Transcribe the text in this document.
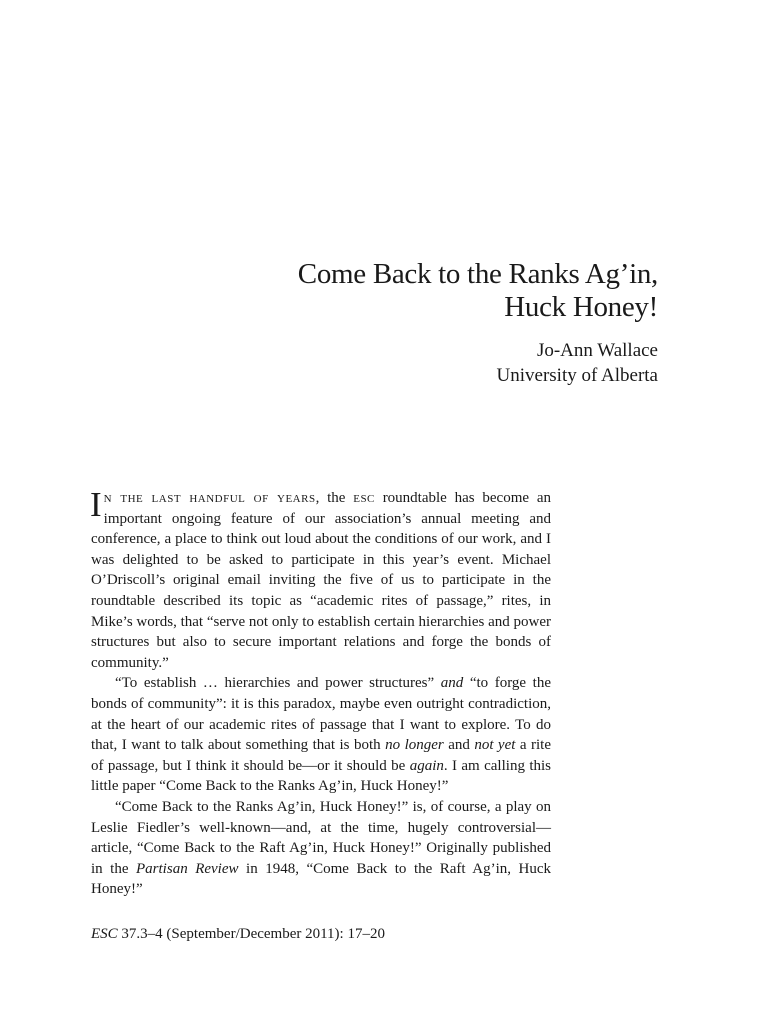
Come Back to the Ranks Ag’in,
Huck Honey!
Jo-Ann Wallace
University of Alberta

In the last handful of years, the esc roundtable has become an important ongoing feature of our association’s annual meeting and conference, a place to think out loud about the conditions of our work, and I was delighted to be asked to participate in this year’s event. Michael O’Driscoll’s original email inviting the five of us to participate in the roundtable described its topic as “academic rites of passage,” rites, in Mike’s words, that “serve not only to establish certain hierarchies and power structures but also to secure important relations and forge the bonds of community.”

“To establish … hierarchies and power structures” and “to forge the bonds of community”: it is this paradox, maybe even outright contradiction, at the heart of our academic rites of passage that I want to explore. To do that, I want to talk about something that is both no longer and not yet a rite of passage, but I think it should be—or it should be again. I am calling this little paper “Come Back to the Ranks Ag’in, Huck Honey!”

“Come Back to the Ranks Ag’in, Huck Honey!” is, of course, a play on Leslie Fiedler’s well-known—and, at the time, hugely controversial—article, “Come Back to the Raft Ag’in, Huck Honey!” Originally published in the Partisan Review in 1948, “Come Back to the Raft Ag’in, Huck Honey!”

ESC 37.3–4 (September/December 2011): 17–20
